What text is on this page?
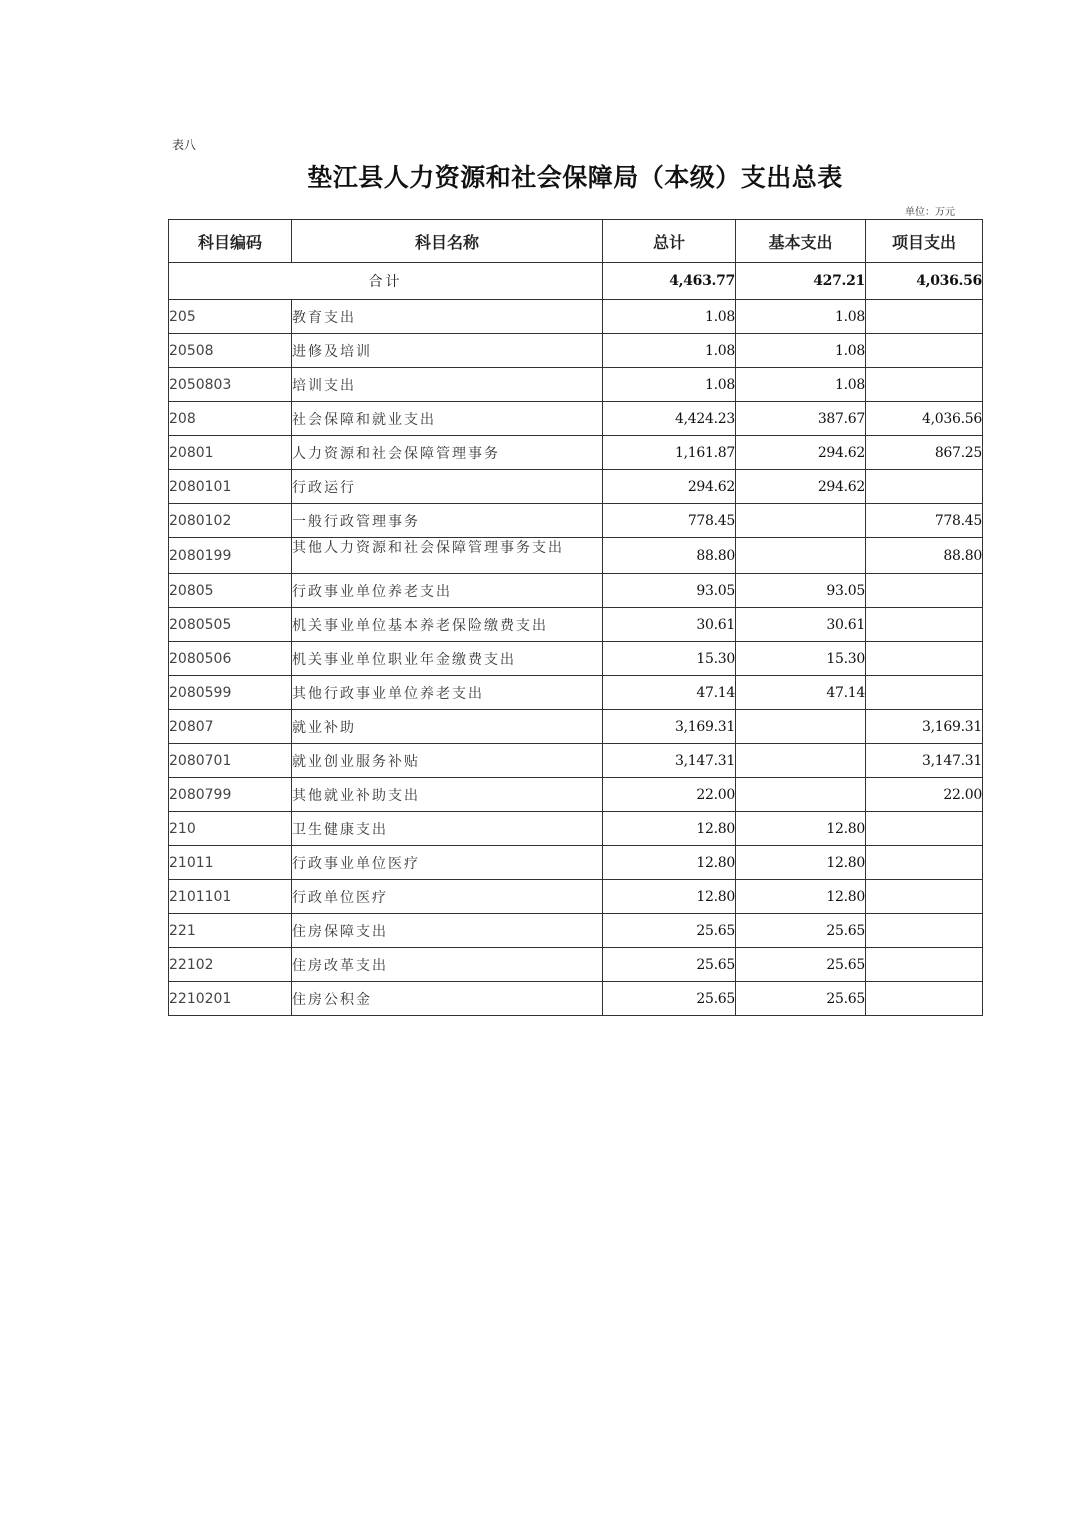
表八
垫江县人力资源和社会保障局（本级）支出总表
单位：万元
科目编码	科目名称	总计	基本支出	项目支出
合计		4,463.77	427.21	4,036.56
205	教育支出	1.08	1.08	
20508	进修及培训	1.08	1.08	
2050803	培训支出	1.08	1.08	
208	社会保障和就业支出	4,424.23	387.67	4,036.56
20801	人力资源和社会保障管理事务	1,161.87	294.62	867.25
2080101	行政运行	294.62	294.62	
2080102	一般行政管理事务	778.45		778.45
2080199	其他人力资源和社会保障管理事务支出	88.80		88.80
20805	行政事业单位养老支出	93.05	93.05	
2080505	机关事业单位基本养老保险缴费支出	30.61	30.61	
2080506	机关事业单位职业年金缴费支出	15.30	15.30	
2080599	其他行政事业单位养老支出	47.14	47.14	
20807	就业补助	3,169.31		3,169.31
2080701	就业创业服务补贴	3,147.31		3,147.31
2080799	其他就业补助支出	22.00		22.00
210	卫生健康支出	12.80	12.80	
21011	行政事业单位医疗	12.80	12.80	
2101101	行政单位医疗	12.80	12.80	
221	住房保障支出	25.65	25.65	
22102	住房改革支出	25.65	25.65	
2210201	住房公积金	25.65	25.65	
